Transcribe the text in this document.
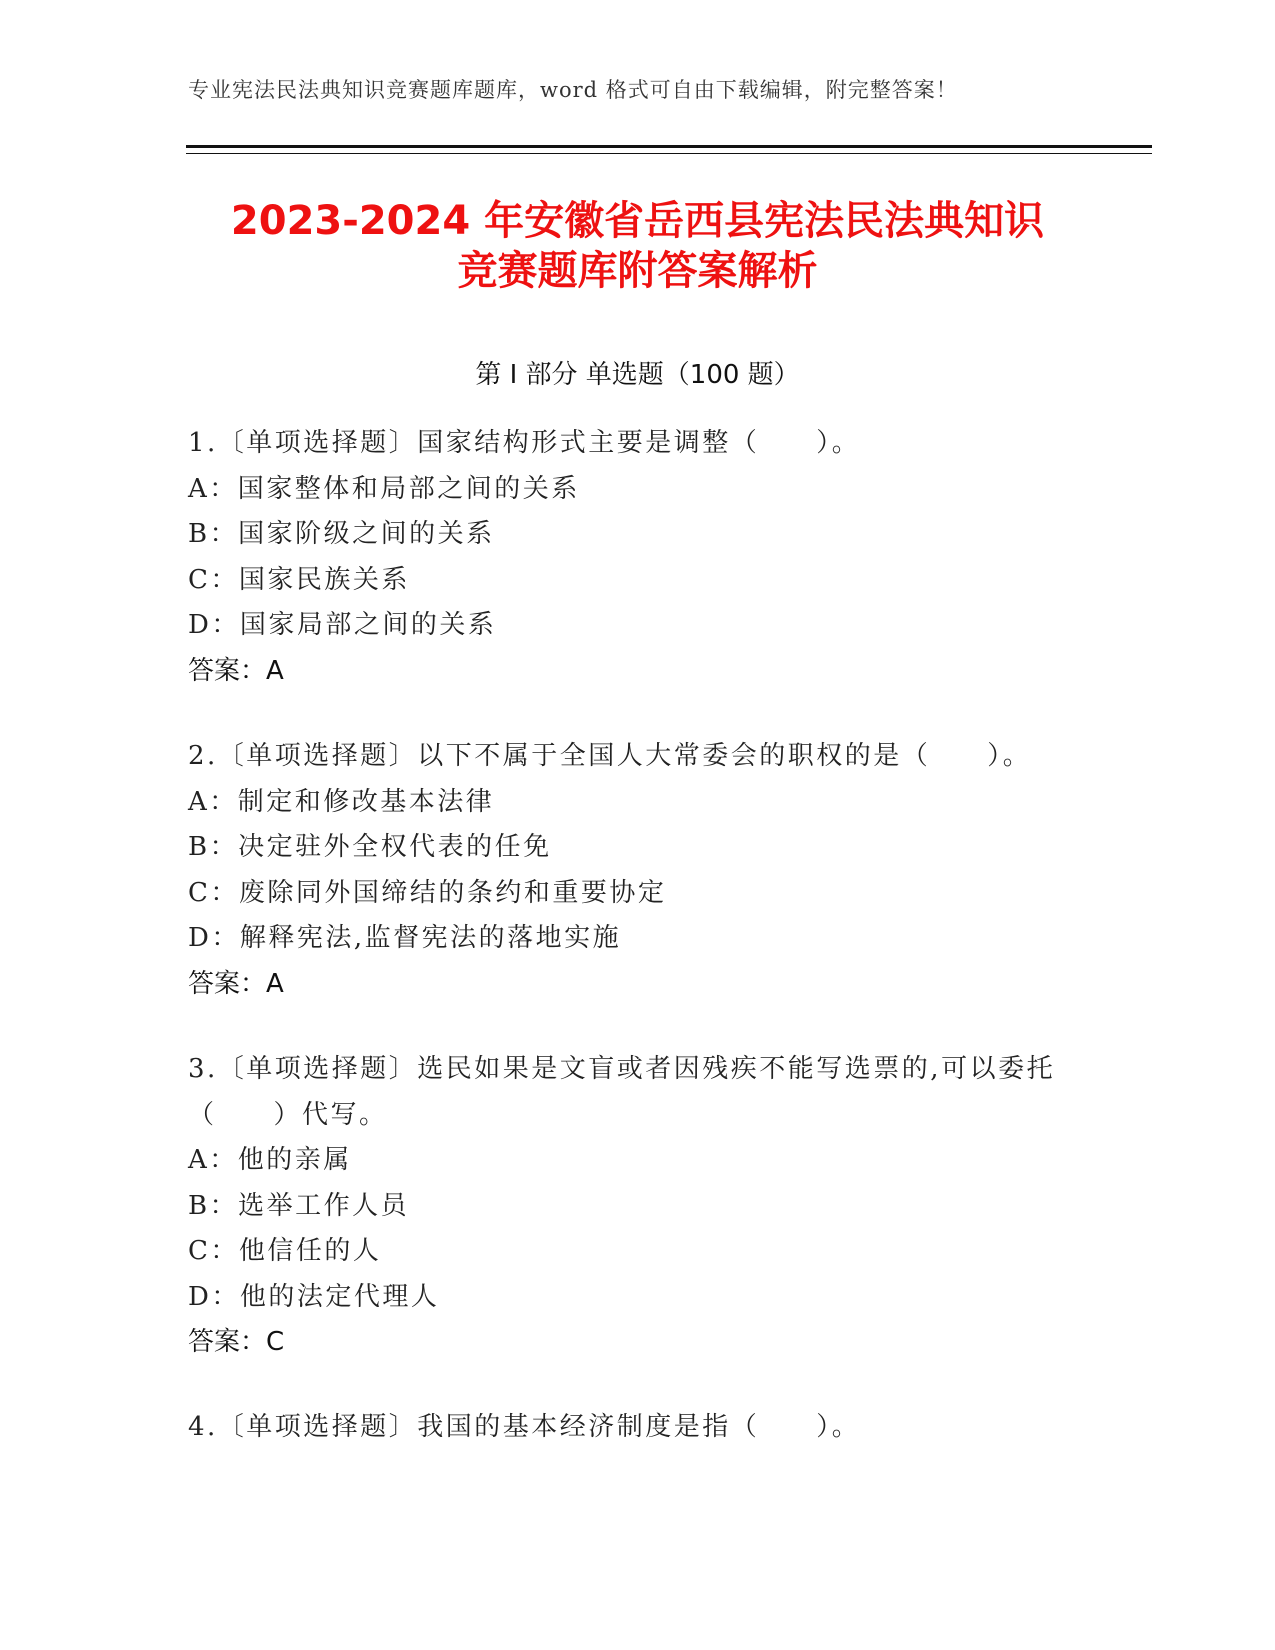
专业宪法民法典知识竞赛题库题库，word 格式可自由下载编辑，附完整答案！
2023-2024 年安徽省岳西县宪法民法典知识
竞赛题库附答案解析
第 I 部分 单选题（100 题）
1.〔单项选择题〕国家结构形式主要是调整（　　）。
A：国家整体和局部之间的关系
B：国家阶级之间的关系
C：国家民族关系
D：国家局部之间的关系
答案：A
2.〔单项选择题〕以下不属于全国人大常委会的职权的是（　　）。
A：制定和修改基本法律
B：决定驻外全权代表的任免
C：废除同外国缔结的条约和重要协定
D：解释宪法,监督宪法的落地实施
答案：A
3.〔单项选择题〕选民如果是文盲或者因残疾不能写选票的,可以委托
（　　）代写。
A：他的亲属
B：选举工作人员
C：他信任的人
D：他的法定代理人
答案：C
4.〔单项选择题〕我国的基本经济制度是指（　　）。
